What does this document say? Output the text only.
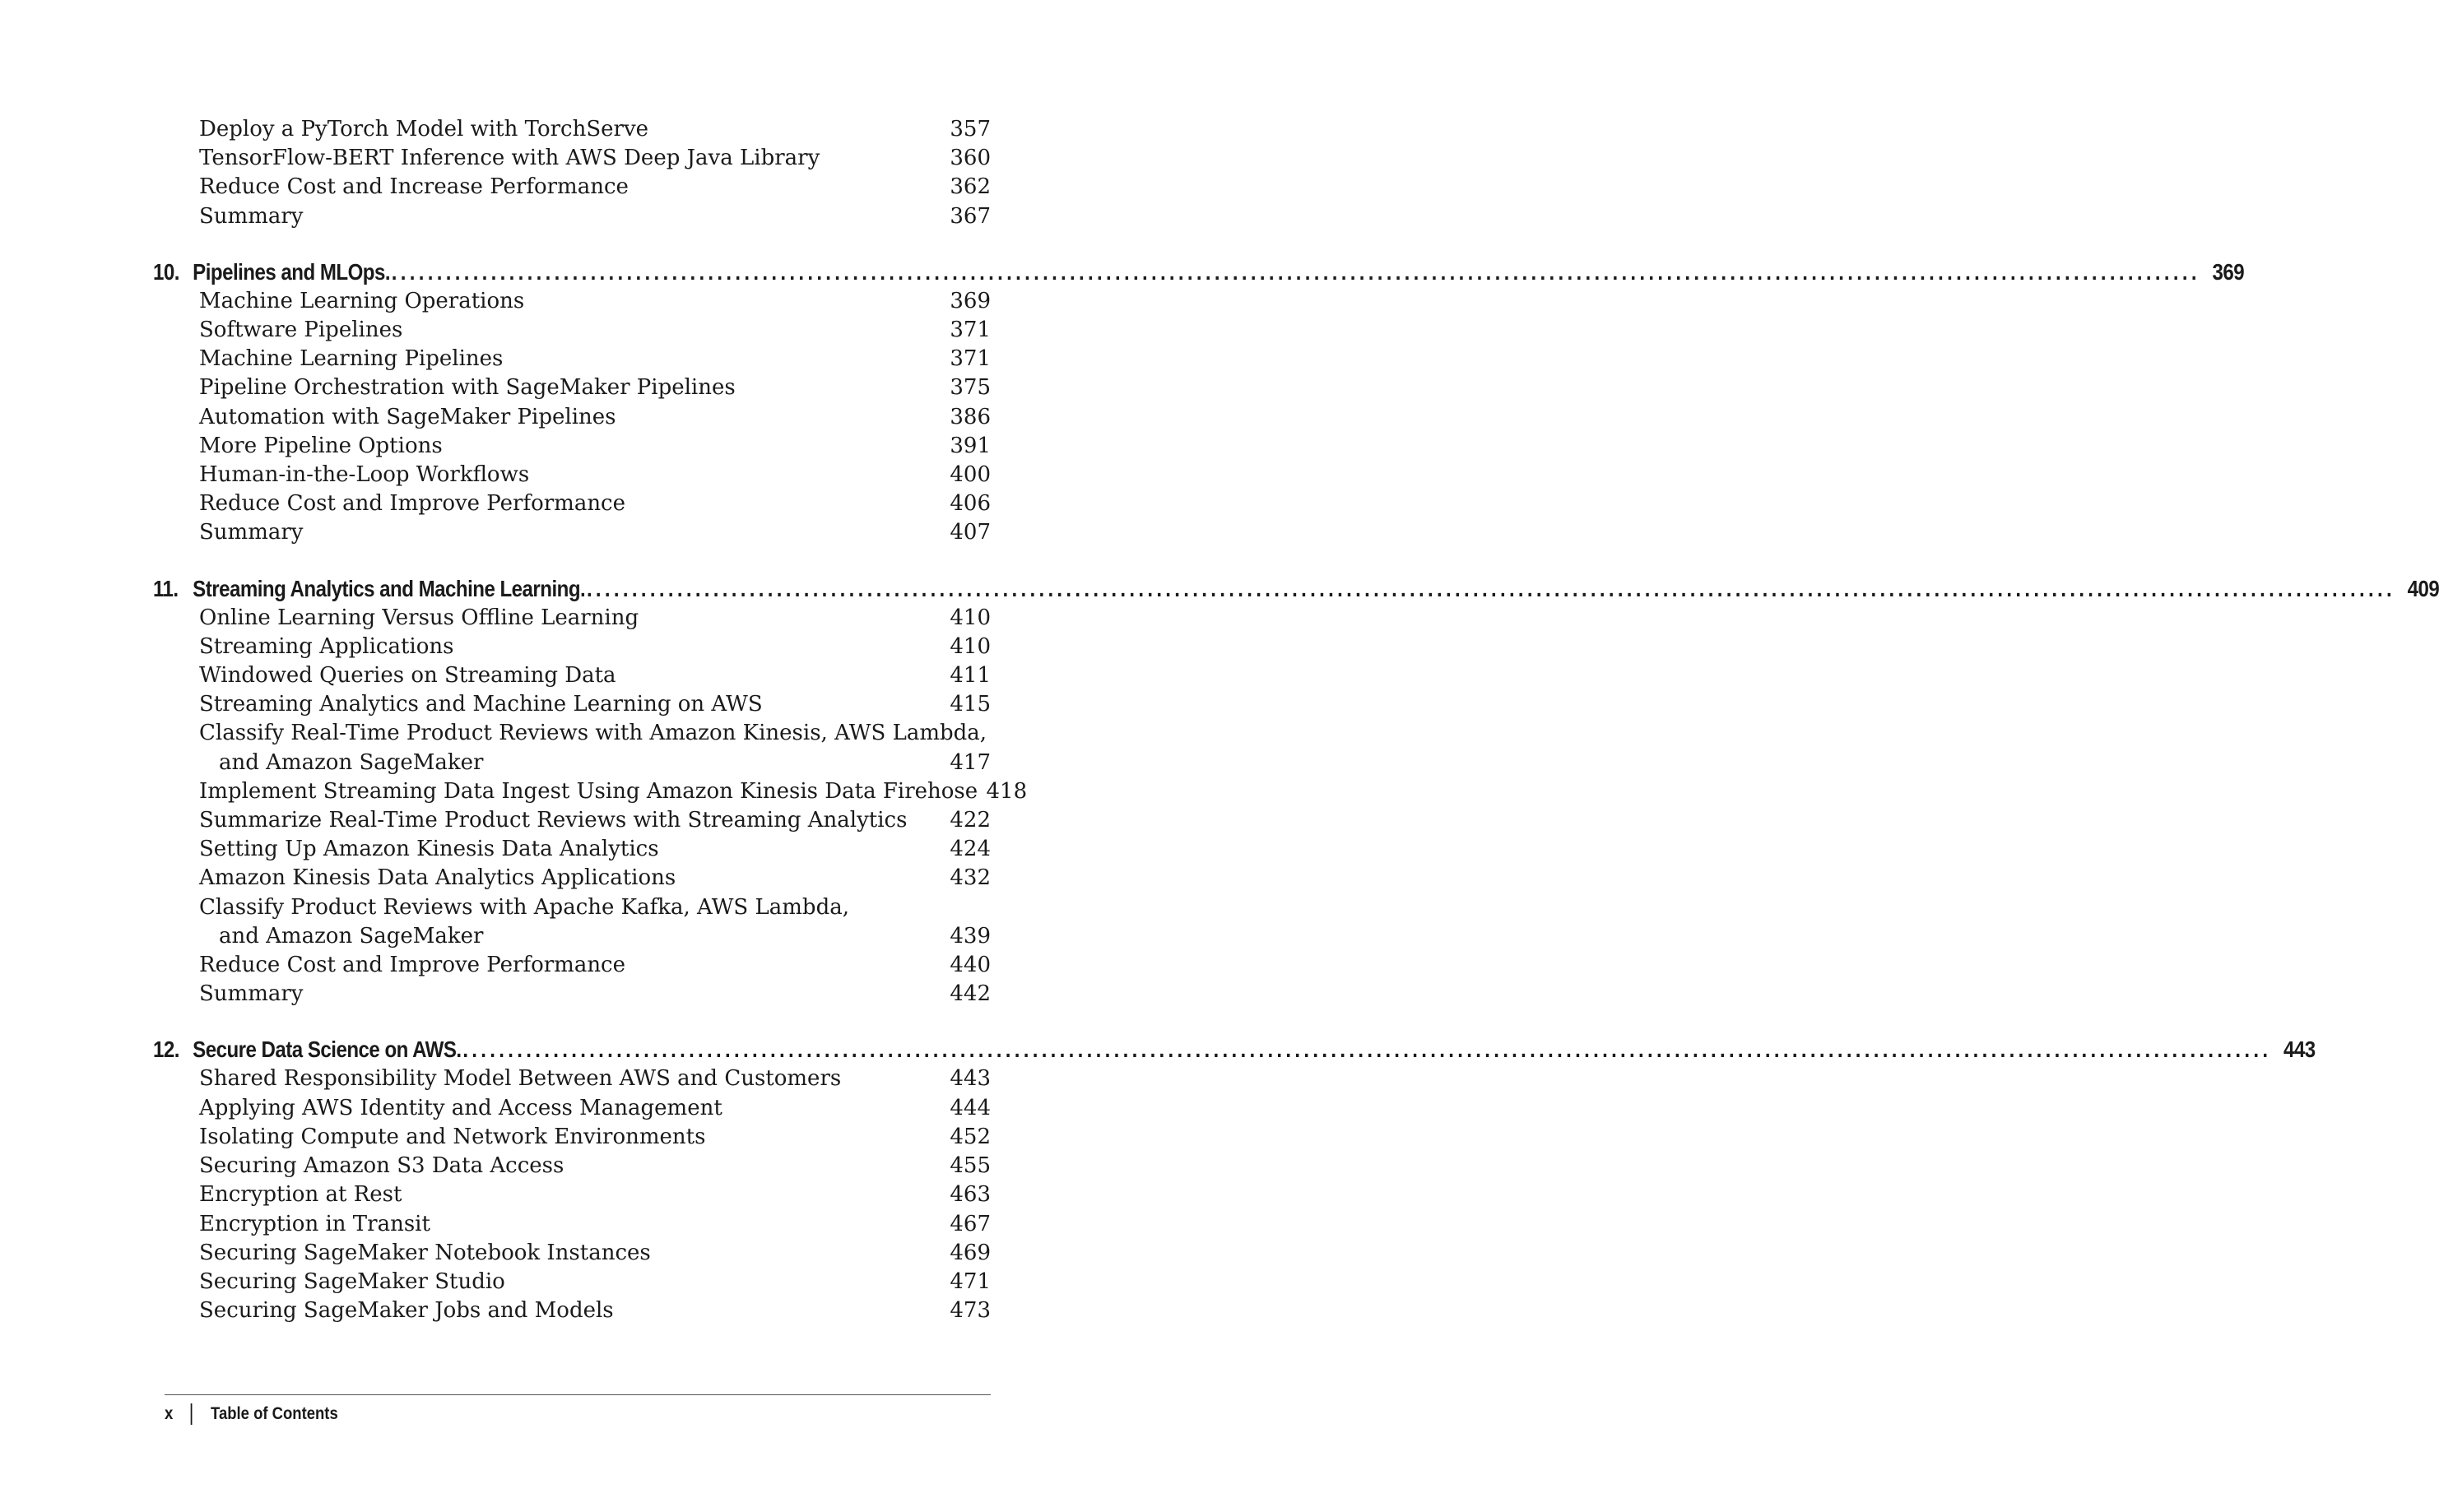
Deploy a PyTorch Model with TorchServe	357
TensorFlow-BERT Inference with AWS Deep Java Library	360
Reduce Cost and Increase Performance	362
Summary	367
10. Pipelines and MLOps. ........................................................................................................................................................................................................ 369
Machine Learning Operations	369
Software Pipelines	371
Machine Learning Pipelines	371
Pipeline Orchestration with SageMaker Pipelines	375
Automation with SageMaker Pipelines	386
More Pipeline Options	391
Human-in-the-Loop Workflows	400
Reduce Cost and Improve Performance	406
Summary	407
11. Streaming Analytics and Machine Learning. ........................................................................................................................................................................................................ 409
Online Learning Versus Offline Learning	410
Streaming Applications	410
Windowed Queries on Streaming Data	411
Streaming Analytics and Machine Learning on AWS	415
Classify Real-Time Product Reviews with Amazon Kinesis, AWS Lambda,
and Amazon SageMaker	417
Implement Streaming Data Ingest Using Amazon Kinesis Data Firehose 418
Summarize Real-Time Product Reviews with Streaming Analytics	422
Setting Up Amazon Kinesis Data Analytics	424
Amazon Kinesis Data Analytics Applications	432
Classify Product Reviews with Apache Kafka, AWS Lambda,
and Amazon SageMaker	439
Reduce Cost and Improve Performance	440
Summary	442
12. Secure Data Science on AWS. ........................................................................................................................................................................................................ 443
Shared Responsibility Model Between AWS and Customers	443
Applying AWS Identity and Access Management	444
Isolating Compute and Network Environments	452
Securing Amazon S3 Data Access	455
Encryption at Rest	463
Encryption in Transit	467
Securing SageMaker Notebook Instances	469
Securing SageMaker Studio	471
Securing SageMaker Jobs and Models	473
x Table of Contents
